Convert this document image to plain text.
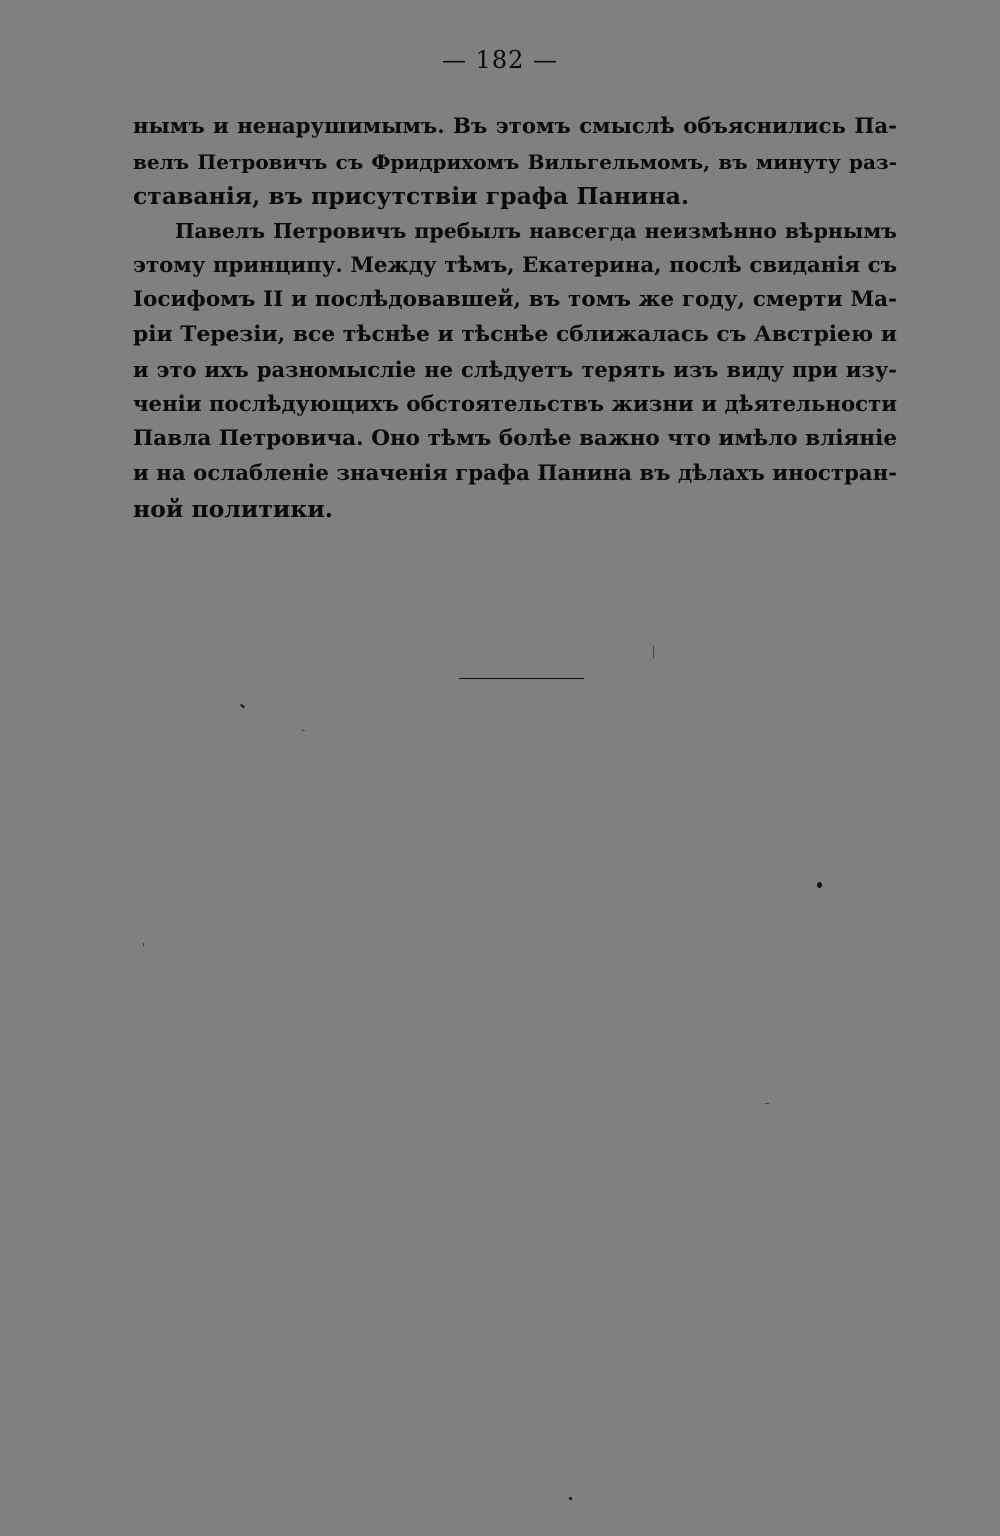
— 182 —
нымъ и ненарушимымъ. Въ этомъ смыслѣ объяснились Па-
велъ Петровичъ съ Фридрихомъ Вильгельмомъ, въ минуту раз-
ставанія, въ присутствіи графа Панина.
Павелъ Петровичъ пребылъ навсегда неизмѣнно вѣрнымъ
этому принципу. Между тѣмъ, Екатерина, послѣ свиданія съ
Іосифомъ II и послѣдовавшей, въ томъ же году, смерти Ма-
ріи Терезіи, все тѣснѣе и тѣснѣе сближалась съ Австріею и
и это ихъ разномысліе не слѣдуетъ терять изъ виду при изу-
ченіи послѣдующихъ обстоятельствъ жизни и дѣятельности
Павла Петровича. Оно тѣмъ болѣе важно что имѣло вліяніе
и на ослабленіе значенія графа Панина въ дѣлахъ иностран-
ной политики.
